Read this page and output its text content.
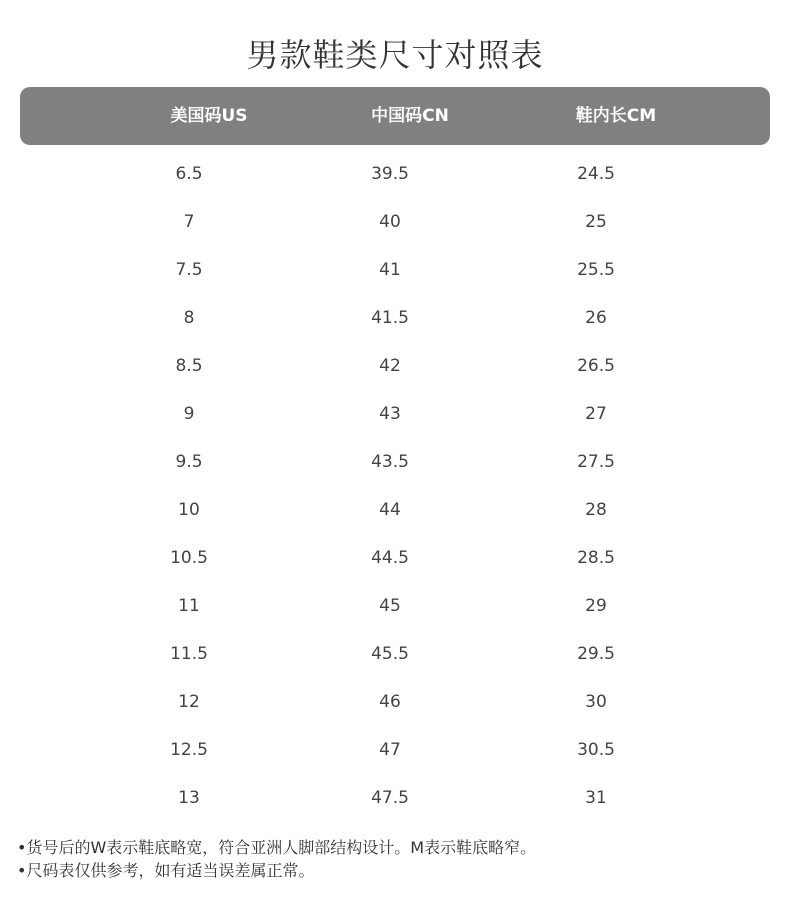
男款鞋类尺寸对照表
美国码US	中国码CN	鞋内长CM
6.5	39.5	24.5
7	40	25
7.5	41	25.5
8	41.5	26
8.5	42	26.5
9	43	27
9.5	43.5	27.5
10	44	28
10.5	44.5	28.5
11	45	29
11.5	45.5	29.5
12	46	30
12.5	47	30.5
13	47.5	31

•货号后的W表示鞋底略宽，符合亚洲人脚部结构设计。M表示鞋底略窄。

•尺码表仅供参考，如有适当误差属正常。
